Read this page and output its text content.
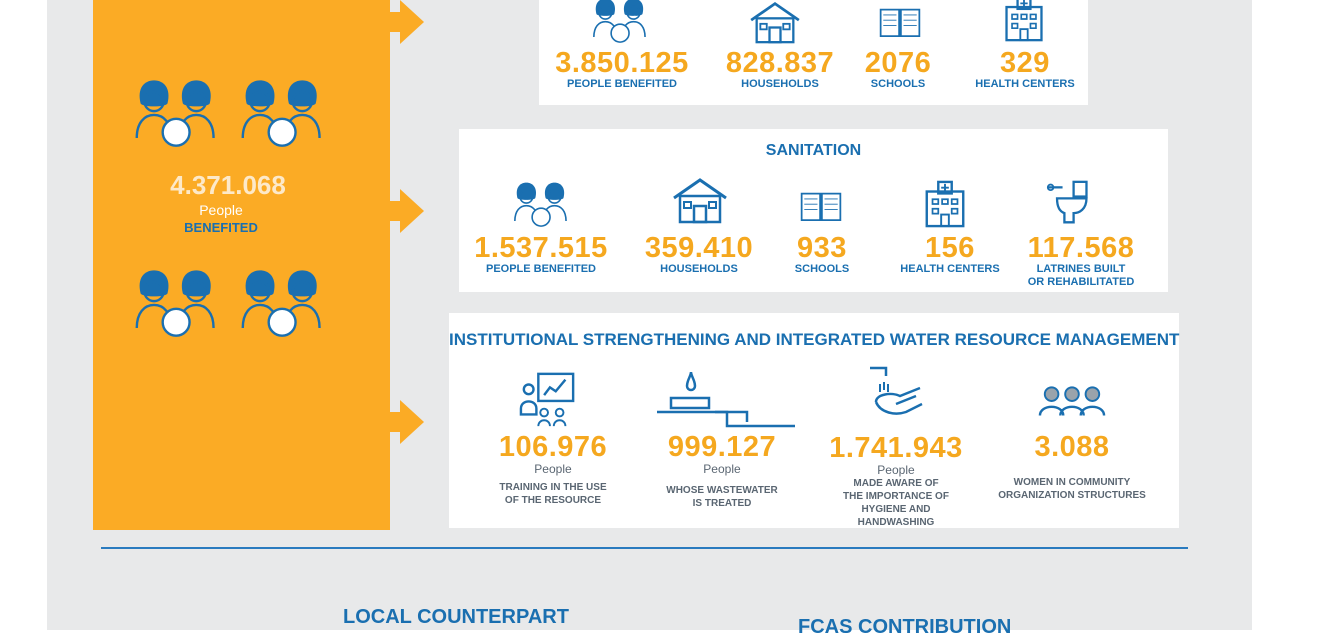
4.371.068
People
BENEFITED
3.850.125
PEOPLE BENEFITED
828.837
HOUSEHOLDS
2076
SCHOOLS
329
HEALTH CENTERS
SANITATION
1.537.515
PEOPLE BENEFITED
359.410
HOUSEHOLDS
933
SCHOOLS
156
HEALTH CENTERS
117.568
LATRINES BUILT
OR REHABILITATED
INSTITUTIONAL STRENGTHENING AND INTEGRATED WATER RESOURCE MANAGEMENT
106.976
People
TRAINING IN THE USE
OF THE RESOURCE
999.127
People
WHOSE WASTEWATER
IS TREATED
1.741.943
People
MADE AWARE OF
THE IMPORTANCE OF
HYGIENE AND
HANDWASHING
3.088
WOMEN IN COMMUNITY
ORGANIZATION STRUCTURES
LOCAL COUNTERPART	FCAS CONTRIBUTION
